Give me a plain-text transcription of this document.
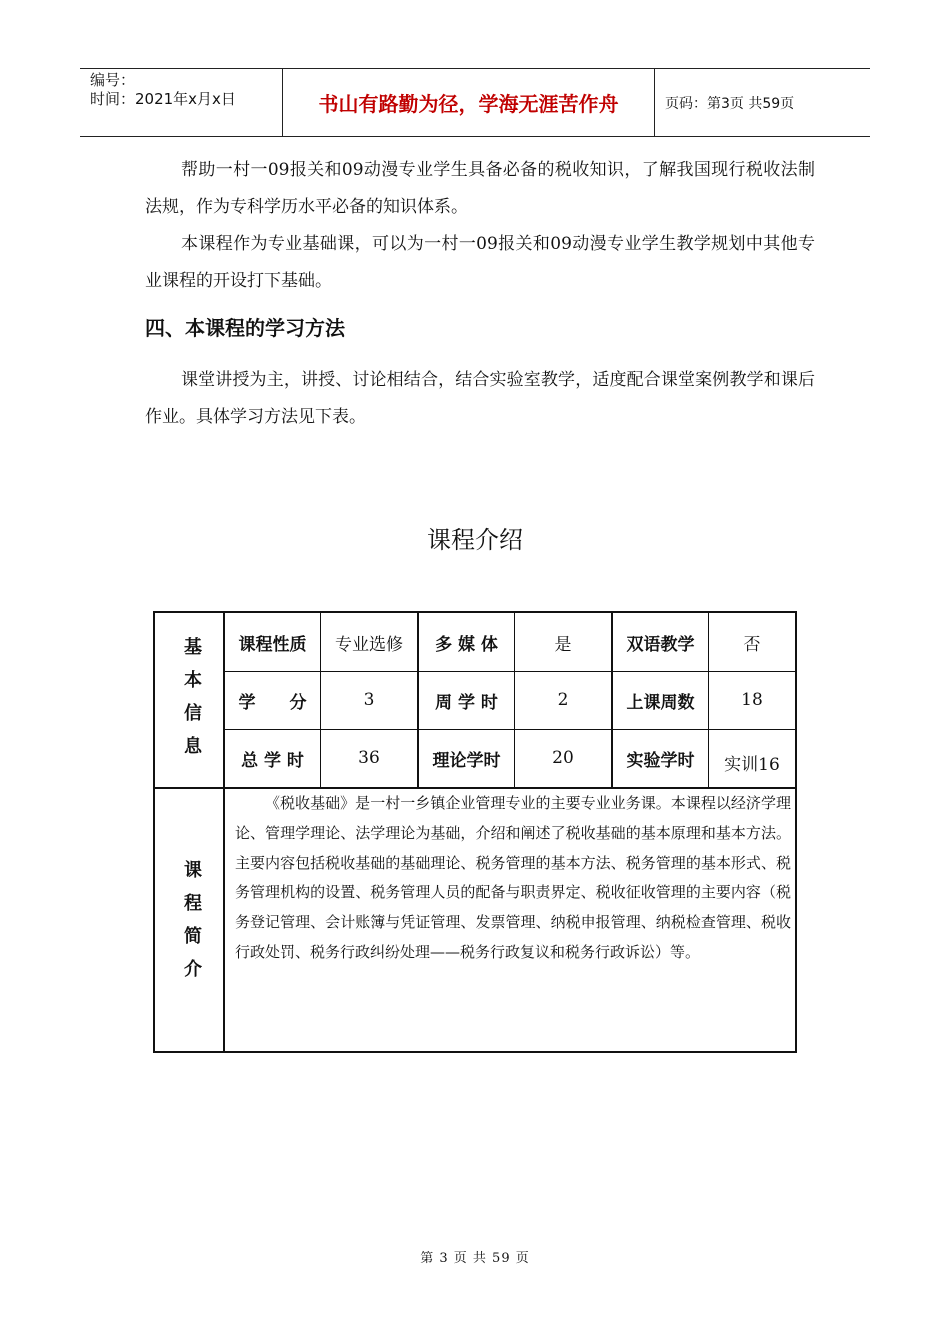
编号：
时间：2021年x月x日	书山有路勤为径，学海无涯苦作舟	页码：第3页 共59页

帮助一村一09报关和09动漫专业学生具备必备的税收知识，了解我国现行税收法制法规，作为专科学历水平必备的知识体系。

本课程作为专业基础课，可以为一村一09报关和09动漫专业学生教学规划中其他专业课程的开设打下基础。

四、本课程的学习方法

课堂讲授为主，讲授、讨论相结合，结合实验室教学，适度配合课堂案例教学和课后作业。具体学习方法见下表。

课程介绍
基本信息
课程简介
课程性质	专业选修	多 媒 体	是	双语教学	否
学　　分	3	周 学 时	2	上课周数	18
总 学 时	36	理论学时	20	实验学时	实训16

《税收基础》是一村一乡镇企业管理专业的主要专业业务课。本课程以经济学理论、管理学理论、法学理论为基础，介绍和阐述了税收基础的基本原理和基本方法。主要内容包括税收基础的基础理论、税务管理的基本方法、税务管理的基本形式、税务管理机构的设置、税务管理人员的配备与职责界定、税收征收管理的主要内容（税务登记管理、会计账簿与凭证管理、发票管理、纳税申报管理、纳税检查管理、税收行政处罚、税务行政纠纷处理——税务行政复议和税务行政诉讼）等。

第 3 页 共 59 页
